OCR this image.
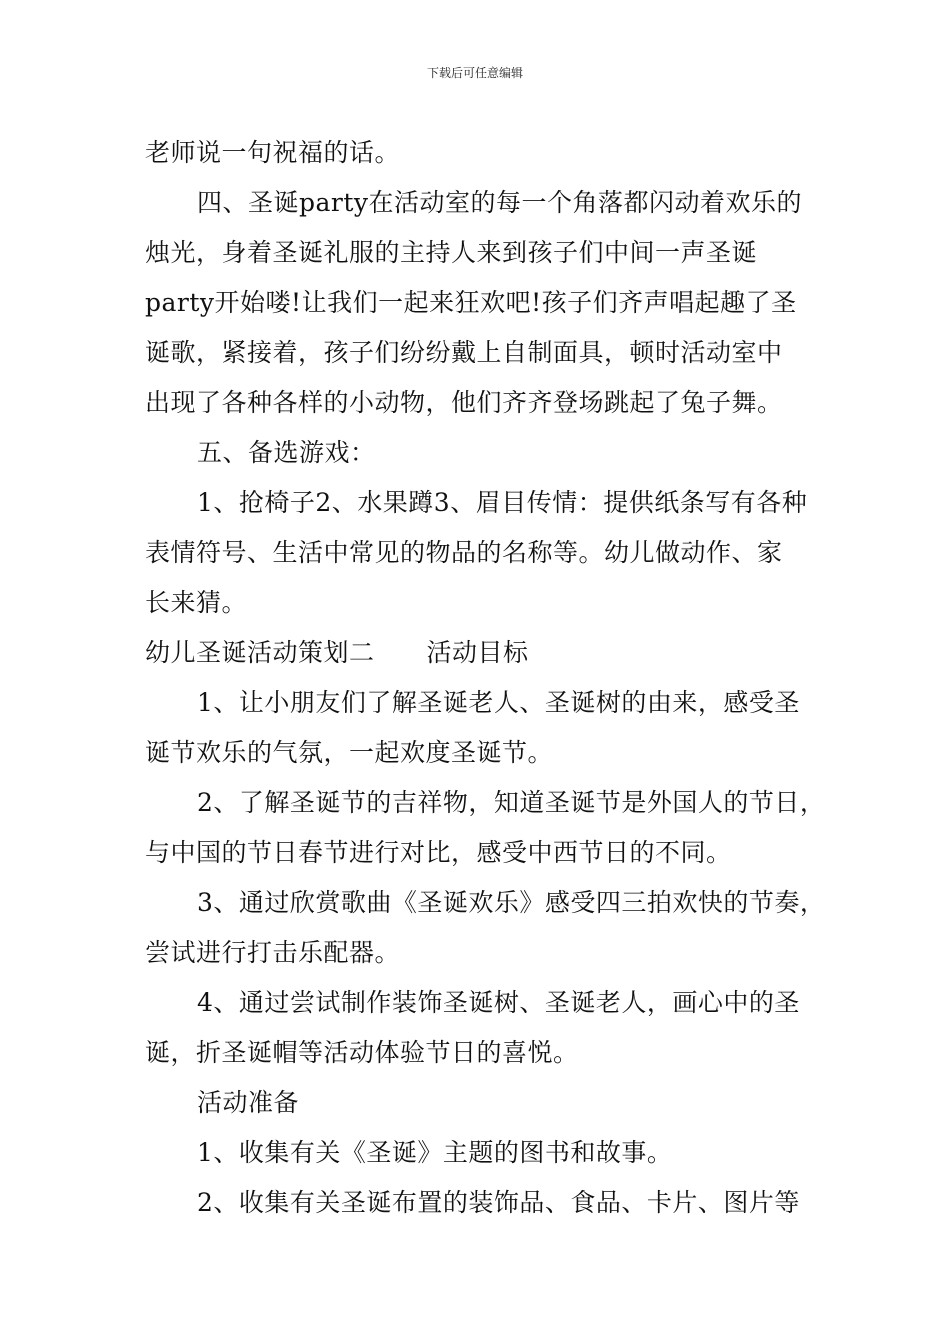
下载后可任意编辑
老师说一句祝福的话。
四、圣诞party在活动室的每一个角落都闪动着欢乐的
烛光，身着圣诞礼服的主持人来到孩子们中间一声圣诞
party开始喽!让我们一起来狂欢吧!孩子们齐声唱起趣了圣
诞歌，紧接着，孩子们纷纷戴上自制面具，顿时活动室中
出现了各种各样的小动物，他们齐齐登场跳起了兔子舞。
五、备选游戏：
1、抢椅子2、水果蹲3、眉目传情：提供纸条写有各种
表情符号、生活中常见的物品的名称等。幼儿做动作、家
长来猜。
幼儿圣诞活动策划二 活动目标
1、让小朋友们了解圣诞老人、圣诞树的由来，感受圣
诞节欢乐的气氛，一起欢度圣诞节。
2、了解圣诞节的吉祥物，知道圣诞节是外国人的节日，
与中国的节日春节进行对比，感受中西节日的不同。
3、通过欣赏歌曲《圣诞欢乐》感受四三拍欢快的节奏，
尝试进行打击乐配器。
4、通过尝试制作装饰圣诞树、圣诞老人，画心中的圣
诞，折圣诞帽等活动体验节日的喜悦。
活动准备
1、收集有关《圣诞》主题的图书和故事。
2、收集有关圣诞布置的装饰品、食品、卡片、图片等
